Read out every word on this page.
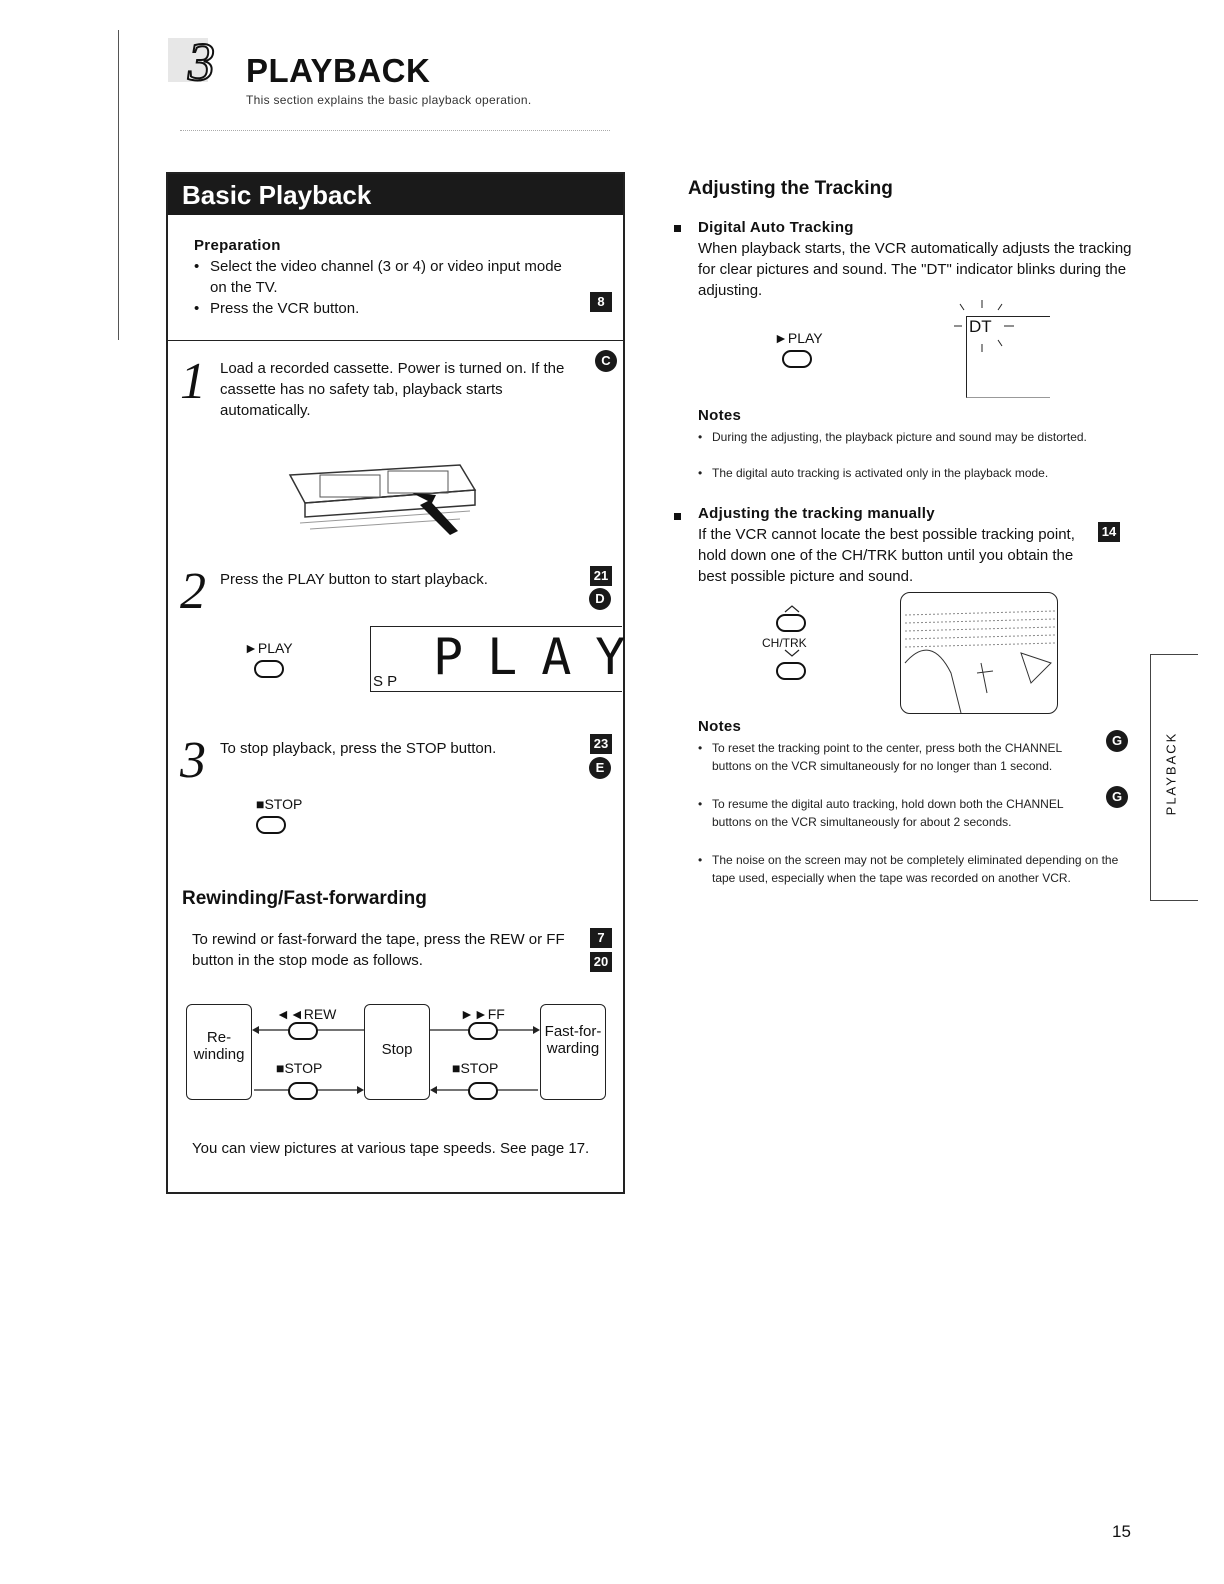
3 PLAYBACK
This section explains the basic playback operation.
Basic Playback
Preparation
• Select the video channel (3 or 4) or video input mode on the TV.
• Press the VCR button.	8
1 Load a recorded cassette. Power is turned on. If the cassette has no safety tab, playback starts automatically.
C
2 Press the PLAY button to start playback.	21
D
►PLAY	PLAY
S P
3 To stop playback, press the STOP button.	23
E
■STOP
Rewinding/Fast-forwarding
To rewind or fast-forward the tape, press the REW or FF button in the stop mode as follows.
7
20
Re-winding	Stop
Fast-for-warding
◄◄REW
■STOP
►►FF
■STOP
You can view pictures at various tape speeds. See page 17.
Adjusting the Tracking
Digital Auto Tracking
When playback starts, the VCR automatically adjusts the tracking for clear pictures and sound. The "DT" indicator blinks during the adjusting.
►PLAY
DT
Notes
• During the adjusting, the playback picture and sound may be distorted.
• The digital auto tracking is activated only in the playback mode.
Adjusting the tracking manually
If the VCR cannot locate the best possible tracking point, hold down one of the CH/TRK button until you obtain the best possible picture and sound.
14
CH/TRK
Notes
• To reset the tracking point to the center, press both the CHANNEL buttons on the VCR simultaneously for no longer than 1 second.
G
• To resume the digital auto tracking, hold down both the CHANNEL buttons on the VCR simultaneously for about 2 seconds.
G
• The noise on the screen may not be completely eliminated depending on the tape used, especially when the tape was recorded on another VCR.
PLAYBACK
15
